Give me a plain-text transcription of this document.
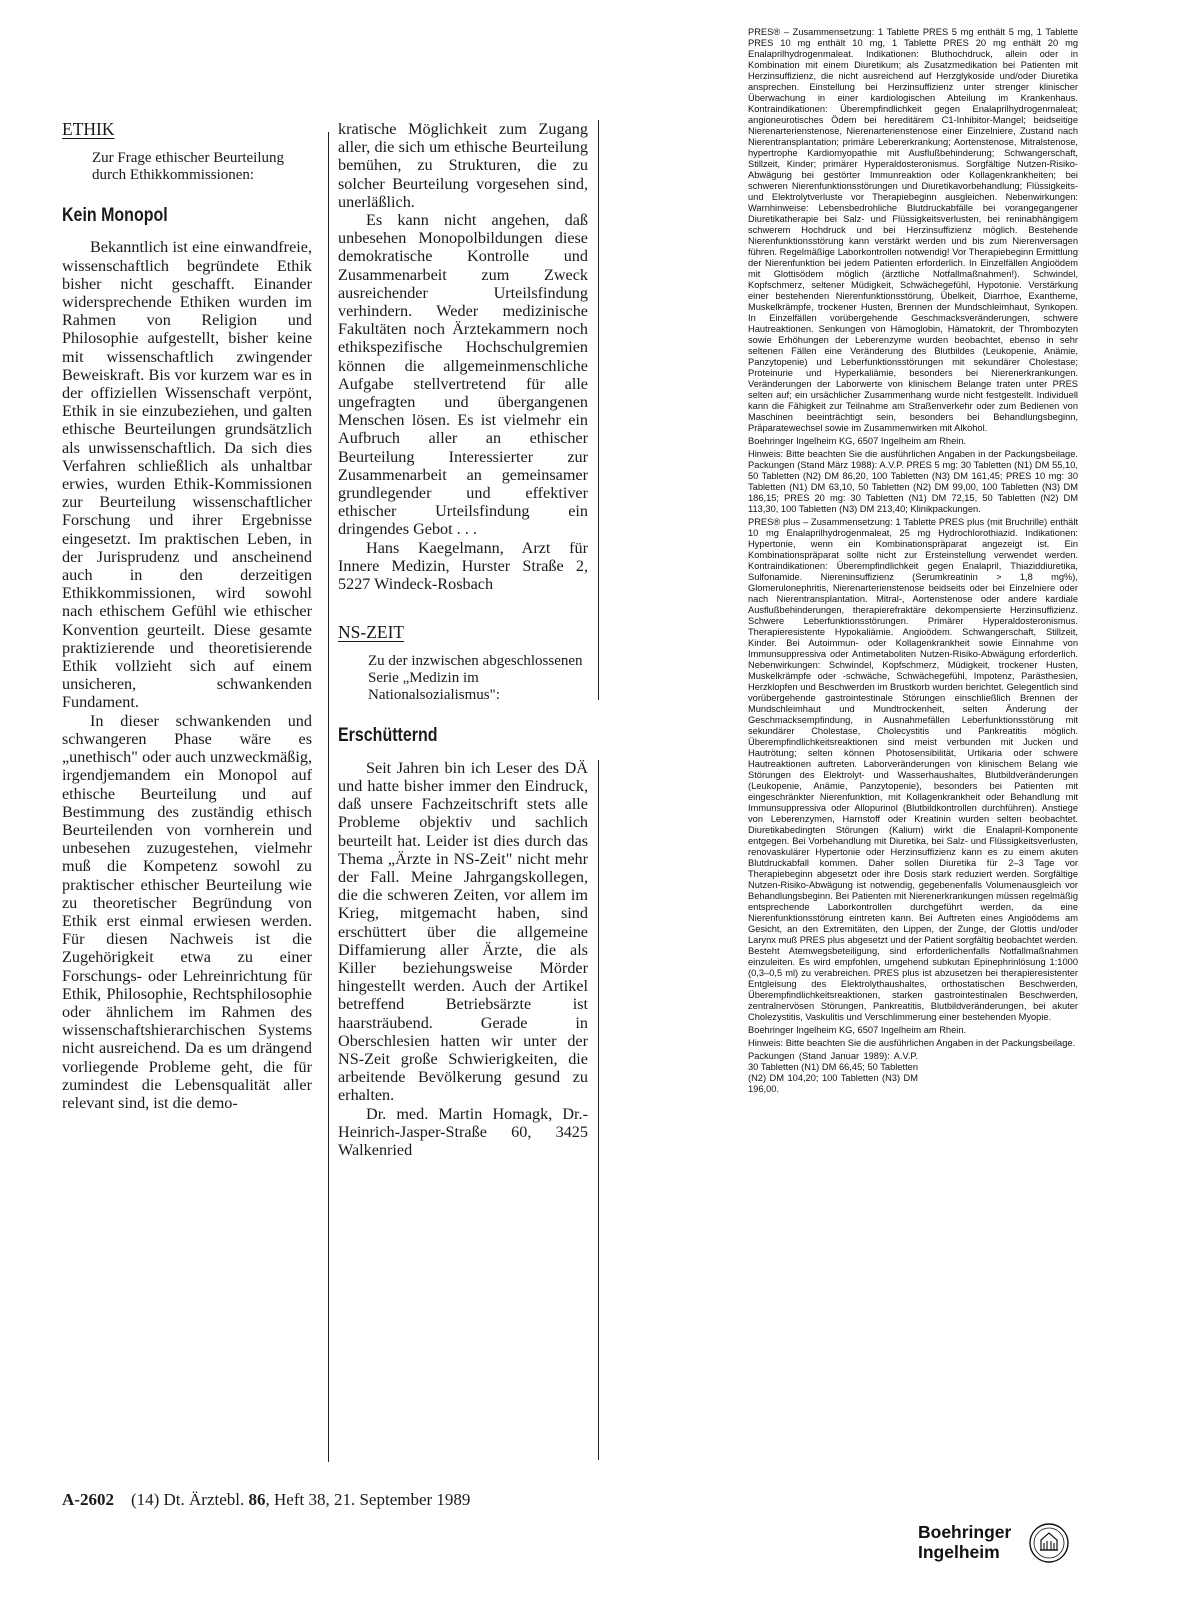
ETHIK
Zur Frage ethischer Beurteilung durch Ethikkommissionen:
Kein Monopol
Bekanntlich ist eine einwandfreie, wissenschaftlich begründete Ethik bisher nicht geschafft. Einander widersprechende Ethiken wurden im Rahmen von Religion und Philosophie aufgestellt, bisher keine mit wissenschaftlich zwingender Beweiskraft. Bis vor kurzem war es in der offiziellen Wissenschaft verpönt, Ethik in sie einzubeziehen, und galten ethische Beurteilungen grundsätzlich als unwissenschaftlich. Da sich dies Verfahren schließlich als unhaltbar erwies, wurden Ethik-Kommissionen zur Beurteilung wissenschaftlicher Forschung und ihrer Ergebnisse eingesetzt. Im praktischen Leben, in der Jurisprudenz und anscheinend auch in den derzeitigen Ethikkommissionen, wird sowohl nach ethischem Gefühl wie ethischer Konvention geurteilt. Diese gesamte praktizierende und theoretisierende Ethik vollzieht sich auf einem unsicheren, schwankenden Fundament.
In dieser schwankenden und schwangeren Phase wäre es „unethisch" oder auch unzweckmäßig, irgendjemandem ein Monopol auf ethische Beurteilung und auf Bestimmung des zuständig ethisch Beurteilenden von vornherein und unbesehen zuzugestehen, vielmehr muß die Kompetenz sowohl zu praktischer ethischer Beurteilung wie zu theoretischer Begründung von Ethik erst einmal erwiesen werden. Für diesen Nachweis ist die Zugehörigkeit etwa zu einer Forschungs- oder Lehreinrichtung für Ethik, Philosophie, Rechtsphilosophie oder ähnlichem im Rahmen des wissenschaftshierarchischen Systems nicht ausreichend. Da es um drängend vorliegende Probleme geht, die für zumindest die Lebensqualität aller relevant sind, ist die demo-
kratische Möglichkeit zum Zugang aller, die sich um ethische Beurteilung bemühen, zu Strukturen, die zu solcher Beurteilung vorgesehen sind, unerläßlich.
Es kann nicht angehen, daß unbesehen Monopolbildungen diese demokratische Kontrolle und Zusammenarbeit zum Zweck ausreichender Urteilsfindung verhindern. Weder medizinische Fakultäten noch Ärztekammern noch ethikspezifische Hochschulgremien können die allgemeinmenschliche Aufgabe stellvertretend für alle ungefragten und übergangenen Menschen lösen. Es ist vielmehr ein Aufbruch aller an ethischer Beurteilung Interessierter zur Zusammenarbeit an gemeinsamer grundlegender und effektiver ethischer Urteilsfindung ein dringendes Gebot . . .
Hans Kaegelmann, Arzt für Innere Medizin, Hurster Straße 2, 5227 Windeck-Rosbach
NS-ZEIT
Zu der inzwischen abgeschlossenen Serie „Medizin im Nationalsozialismus":
Erschütternd
Seit Jahren bin ich Leser des DÄ und hatte bisher immer den Eindruck, daß unsere Fachzeitschrift stets alle Probleme objektiv und sachlich beurteilt hat. Leider ist dies durch das Thema „Ärzte in NS-Zeit" nicht mehr der Fall. Meine Jahrgangskollegen, die die schweren Zeiten, vor allem im Krieg, mitgemacht haben, sind erschüttert über die allgemeine Diffamierung aller Ärzte, die als Killer beziehungsweise Mörder hingestellt werden. Auch der Artikel betreffend Betriebsärzte ist haarsträubend. Gerade in Oberschlesien hatten wir unter der NS-Zeit große Schwierigkeiten, die arbeitende Bevölkerung gesund zu erhalten.
Dr. med. Martin Homagk, Dr.-Heinrich-Jasper-Straße 60, 3425 Walkenried
A-2602 (14) Dt. Ärztebl. 86, Heft 38, 21. September 1989
PRES® – Zusammensetzung: 1 Tablette PRES 5 mg enthält 5 mg, 1 Tablette PRES 10 mg enthält 10 mg, 1 Tablette PRES 20 mg enthält 20 mg Enalaprilhydrogenmaleat. Indikationen: Bluthochdruck, allein oder in Kombination mit einem Diuretikum; als Zusatzmedikation bei Patienten mit Herzinsuffizienz, die nicht ausreichend auf Herzglykoside und/oder Diuretika ansprechen. Einstellung bei Herzinsuffizienz unter strenger klinischer Überwachung in einer kardiologischen Abteilung im Krankenhaus. Kontraindikationen: Überempfindlichkeit gegen Enalaprilhydrogenmaleat; angioneurotisches Ödem bei hereditärem C1-Inhibitor-Mangel; beidseitige Nierenarterienstenose, Nierenarterienstenose einer Einzelniere, Zustand nach Nierentransplantation; primäre Lebererkrankung; Aortenstenose, Mitralstenose, hypertrophe Kardiomyopathie mit Ausflußbehinderung; Schwangerschaft, Stillzeit, Kinder; primärer Hyperaldosteronismus. Sorgfältige Nutzen-Risiko-Abwägung bei gestörter Immunreaktion oder Kollagenkrankheiten; bei schweren Nierenfunktionsstörungen und Diuretikavorbehandlung; Flüssigkeits- und Elektrolytverluste vor Therapiebeginn ausgleichen. Nebenwirkungen: Warnhinweise: Lebensbedrohliche Blutdruckabfälle bei vorangegangener Diuretikatherapie bei Salz- und Flüssigkeitsverlusten, bei reninabhängigem schwerem Hochdruck und bei Herzinsuffizienz möglich. Bestehende Nierenfunktionsstörung kann verstärkt werden und bis zum Nierenversagen führen. Regelmäßige Laborkontrollen notwendig! Vor Therapiebeginn Ermittlung der Nierenfunktion bei jedem Patienten erforderlich. In Einzelfällen Angioödem mit Glottisödem möglich (ärztliche Notfallmaßnahmen!). Schwindel, Kopfschmerz, seltener Müdigkeit, Schwächegefühl, Hypotonie. Verstärkung einer bestehenden Nierenfunktionsstörung, Übelkeit, Diarrhoe, Exantheme, Muskelkrämpfe, trockener Husten, Brennen der Mundschleimhaut, Synkopen. In Einzelfällen vorübergehende Geschmacksveränderungen, schwere Hautreaktionen. Senkungen von Hämoglobin, Hämatokrit, der Thrombozyten sowie Erhöhungen der Leberenzyme wurden beobachtet, ebenso in sehr seltenen Fällen eine Veränderung des Blutbildes (Leukopenie, Anämie, Panzytopenie) und Leberfunktionsstörungen mit sekundärer Cholestase; Proteinurie und Hyperkaliämie, besonders bei Nierenerkrankungen. Veränderungen der Laborwerte von klinischem Belange traten unter PRES selten auf; ein ursächlicher Zusammenhang wurde nicht festgestellt. Individuell kann die Fähigkeit zur Teilnahme am Straßenverkehr oder zum Bedienen von Maschinen beeinträchtigt sein, besonders bei Behandlungsbeginn, Präparatewechsel sowie im Zusammenwirken mit Alkohol.
Boehringer Ingelheim KG, 6507 Ingelheim am Rhein.
Hinweis: Bitte beachten Sie die ausführlichen Angaben in der Packungsbeilage. Packungen (Stand März 1988): A.V.P. PRES 5 mg: 30 Tabletten (N1) DM 55,10, 50 Tabletten (N2) DM 86,20, 100 Tabletten (N3) DM 161,45; PRES 10 mg: 30 Tabletten (N1) DM 63,10, 50 Tabletten (N2) DM 99,00, 100 Tabletten (N3) DM 186,15; PRES 20 mg: 30 Tabletten (N1) DM 72,15, 50 Tabletten (N2) DM 113,30, 100 Tabletten (N3) DM 213,40; Klinikpackungen.
PRES® plus – Zusammensetzung: 1 Tablette PRES plus (mit Bruchrille) enthält 10 mg Enalaprilhydrogenmaleat, 25 mg Hydrochlorothiazid. Indikationen: Hypertonie, wenn ein Kombinationspräparat angezeigt ist. Ein Kombinationspräparat sollte nicht zur Ersteinstellung verwendet werden. Kontraindikationen: Überempfindlichkeit gegen Enalapril, Thiaziddiuretika, Sulfonamide. Niereninsuffizienz (Serumkreatinin > 1,8 mg%), Glomerulonephritis, Nierenarterienstenose beidseits oder bei Einzelniere oder nach Nierentransplantation. Mitral-, Aortenstenose oder andere kardiale Ausflußbehinderungen, therapierefraktäre dekompensierte Herzinsuffizienz. Schwere Leberfunktionsstörungen. Primärer Hyperaldosteronismus. Therapieresistente Hypokaliämie. Angioödem. Schwangerschaft, Stillzeit, Kinder. Bei Autoimmun- oder Kollagenkrankheit sowie Einnahme von Immunsuppressiva oder Antimetaboliten Nutzen-Risiko-Abwägung erforderlich. Nebenwirkungen: Schwindel, Kopfschmerz, Müdigkeit, trockener Husten, Muskelkrämpfe oder -schwäche, Schwächegefühl, Impotenz, Parästhesien, Herzklopfen und Beschwerden im Brustkorb wurden berichtet. Gelegentlich sind vorübergehende gastrointestinale Störungen einschließlich Brennen der Mundschleimhaut und Mundtrockenheit, selten Änderung der Geschmacksempfindung, in Ausnahmefällen Leberfunktionsstörung mit sekundärer Cholestase, Cholecystitis und Pankreatitis möglich. Überempfindlichkeitsreaktionen sind meist verbunden mit Jucken und Hautrötung; selten können Photosensibilität, Urtikaria oder schwere Hautreaktionen auftreten. Laborveränderungen von klinischem Belang wie Störungen des Elektrolyt- und Wasserhaushaltes, Blutbildveränderungen (Leukopenie, Anämie, Panzytopenie), besonders bei Patienten mit eingeschränkter Nierenfunktion, mit Kollagenkrankheit oder Behandlung mit Immunsuppressiva oder Allopurinol (Blutbildkontrollen durchführen). Anstiege von Leberenzymen, Harnstoff oder Kreatinin wurden selten beobachtet. Diuretikabedingten Störungen (Kalium) wirkt die Enalapril-Komponente entgegen. Bei Vorbehandlung mit Diuretika, bei Salz- und Flüssigkeitsverlusten, renovaskulärer Hypertonie oder Herzinsuffizienz kann es zu einem akuten Blutdruckabfall kommen. Daher sollen Diuretika für 2–3 Tage vor Therapiebeginn abgesetzt oder ihre Dosis stark reduziert werden. Sorgfältige Nutzen-Risiko-Abwägung ist notwendig, gegebenenfalls Volumenausgleich vor Behandlungsbeginn. Bei Patienten mit Nierenerkrankungen müssen regelmäßig entsprechende Laborkontrollen durchgeführt werden, da eine Nierenfunktionsstörung eintreten kann. Bei Auftreten eines Angioödems am Gesicht, an den Extremitäten, den Lippen, der Zunge, der Glottis und/oder Larynx muß PRES plus abgesetzt und der Patient sorgfältig beobachtet werden. Besteht Atemwegsbeteiligung, sind erforderlichenfalls Notfallmaßnahmen einzuleiten. Es wird empfohlen, umgehend subkutan Epinephrinlösung 1:1000 (0,3–0,5 ml) zu verabreichen. PRES plus ist abzusetzen bei therapieresistenter Entgleisung des Elektrolythaushaltes, orthostatischen Beschwerden, Überempfindlichkeitsreaktionen, starken gastrointestinalen Beschwerden, zentralnervösen Störungen, Pankreatitis, Blutbildveränderungen, bei akuter Cholezystitis, Vaskulitis und Verschlimmerung einer bestehenden Myopie.
Boehringer Ingelheim KG, 6507 Ingelheim am Rhein.
Hinweis: Bitte beachten Sie die ausführlichen Angaben in der Packungsbeilage.
Packungen (Stand Januar 1989): A.V.P. 30 Tabletten (N1) DM 66,45; 50 Tabletten (N2) DM 104,20; 100 Tabletten (N3) DM 196,00.
Boehringer
Ingelheim
